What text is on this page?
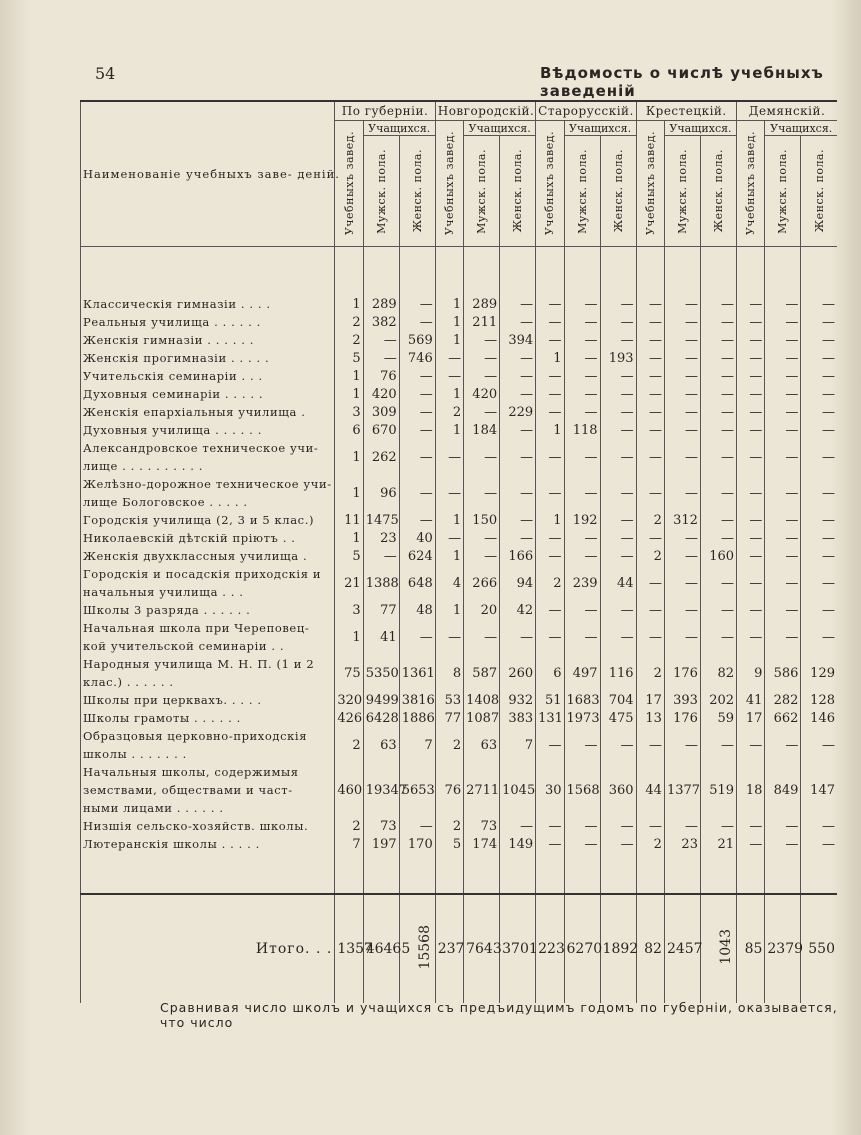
54	Вѣдомость о числѣ учебныхъ заведеній
Наименованіе учебныхъ заве- деній.	По губерніи.			Новгородскій.			Старорусскій.			Крестецкій.			Демянскій.		

	Учебныхъ завед.	Учащихся.		Учебныхъ завед.	Учащихся.		Учебныхъ завед.	Учащихся.		Учебныхъ завед.	Учащихся.		Учебныхъ завед.	Учащихся.	

		Мужск. пола.	Женск. пола.		Мужск. пола.	Женск. пола.		Мужск. пола.	Женск. пола.		Мужск. пола.	Женск. пола.		Мужск. пола.	Женск. пола.

Классическія гимназіи . . . .	1	289	—	1	289	—	—	—	—	—	—	—	—	—	—
Реальныя училища . . . . . .	2	382	—	1	211	—	—	—	—	—	—	—	—	—	—
Женскія гимназіи . . . . . .	2	—	569	1	—	394	—	—	—	—	—	—	—	—	—
Женскія прогимназіи . . . . .	5	—	746	—	—	—	1	—	193	—	—	—	—	—	—
Учительскія семинаріи . . .	1	76	—	—	—	—	—	—	—	—	—	—	—	—	—
Духовныя семинаріи . . . . .	1	420	—	1	420	—	—	—	—	—	—	—	—	—	—
Женскія епархіальныя училища .	3	309	—	2	—	229	—	—	—	—	—	—	—	—	—
Духовныя училища . . . . . .	6	670	—	1	184	—	1	118	—	—	—	—	—	—	—
Александровское техническое учи- лище . . . . . . . . . .	1	262	—	—	—	—	—	—	—	—	—	—	—	—	—
Желѣзно-дорожное техническое учи- лище Бологовское . . . . .	1	96	—	—	—	—	—	—	—	—	—	—	—	—	—
Городскія училища (2, 3 и 5 клас.)	11	1475	—	1	150	—	1	192	—	2	312	—	—	—	—
Николаевскій дѣтскій пріютъ . .	1	23	40	—	—	—	—	—	—	—	—	—	—	—	—
Женскія двухклассныя училища .	5	—	624	1	—	166	—	—	—	2	—	160	—	—	—
Городскія и посадскія приходскія и начальныя училища . . .	21	1388	648	4	266	94	2	239	44	—	—	—	—	—	—
Школы 3 разряда . . . . . .	3	77	48	1	20	42	—	—	—	—	—	—	—	—	—
Начальная школа при Череповец- кой учительской семинаріи . .	1	41	—	—	—	—	—	—	—	—	—	—	—	—	—
Народныя училища М. Н. П. (1 и 2 клас.) . . . . . .	75	5350	1361	8	587	260	6	497	116	2	176	82	9	586	129
Школы при церквахъ. . . . .	320	9499	3816	53	1408	932	51	1683	704	17	393	202	41	282	128
Школы грамоты . . . . . .	426	6428	1886	77	1087	383	131	1973	475	13	176	59	17	662	146
Образцовыя церковно-приходскія школы . . . . . . .	2	63	7	2	63	7	—	—	—	—	—	—	—	—	—
Начальныя школы, содержимыя земствами, обществами и част- ными лицами . . . . . .	460	19347	5653	76	2711	1045	30	1568	360	44	1377	519	18	849	147
Низшія сельско-хозяйств. школы.	2	73	—	2	73	—	—	—	—	—	—	—	—	—	—
Лютеранскія школы . . . . .	7	197	170	5	174	149	—	—	—	2	23	21	—	—	—

Итого. . .	1357	46465	15568	237	7643	3701	223	6270	1892	82	2457	1043	85	2379	550
Сравнивая число школъ и учащихся съ предъидущимъ годомъ по губерніи, оказывается, что число
